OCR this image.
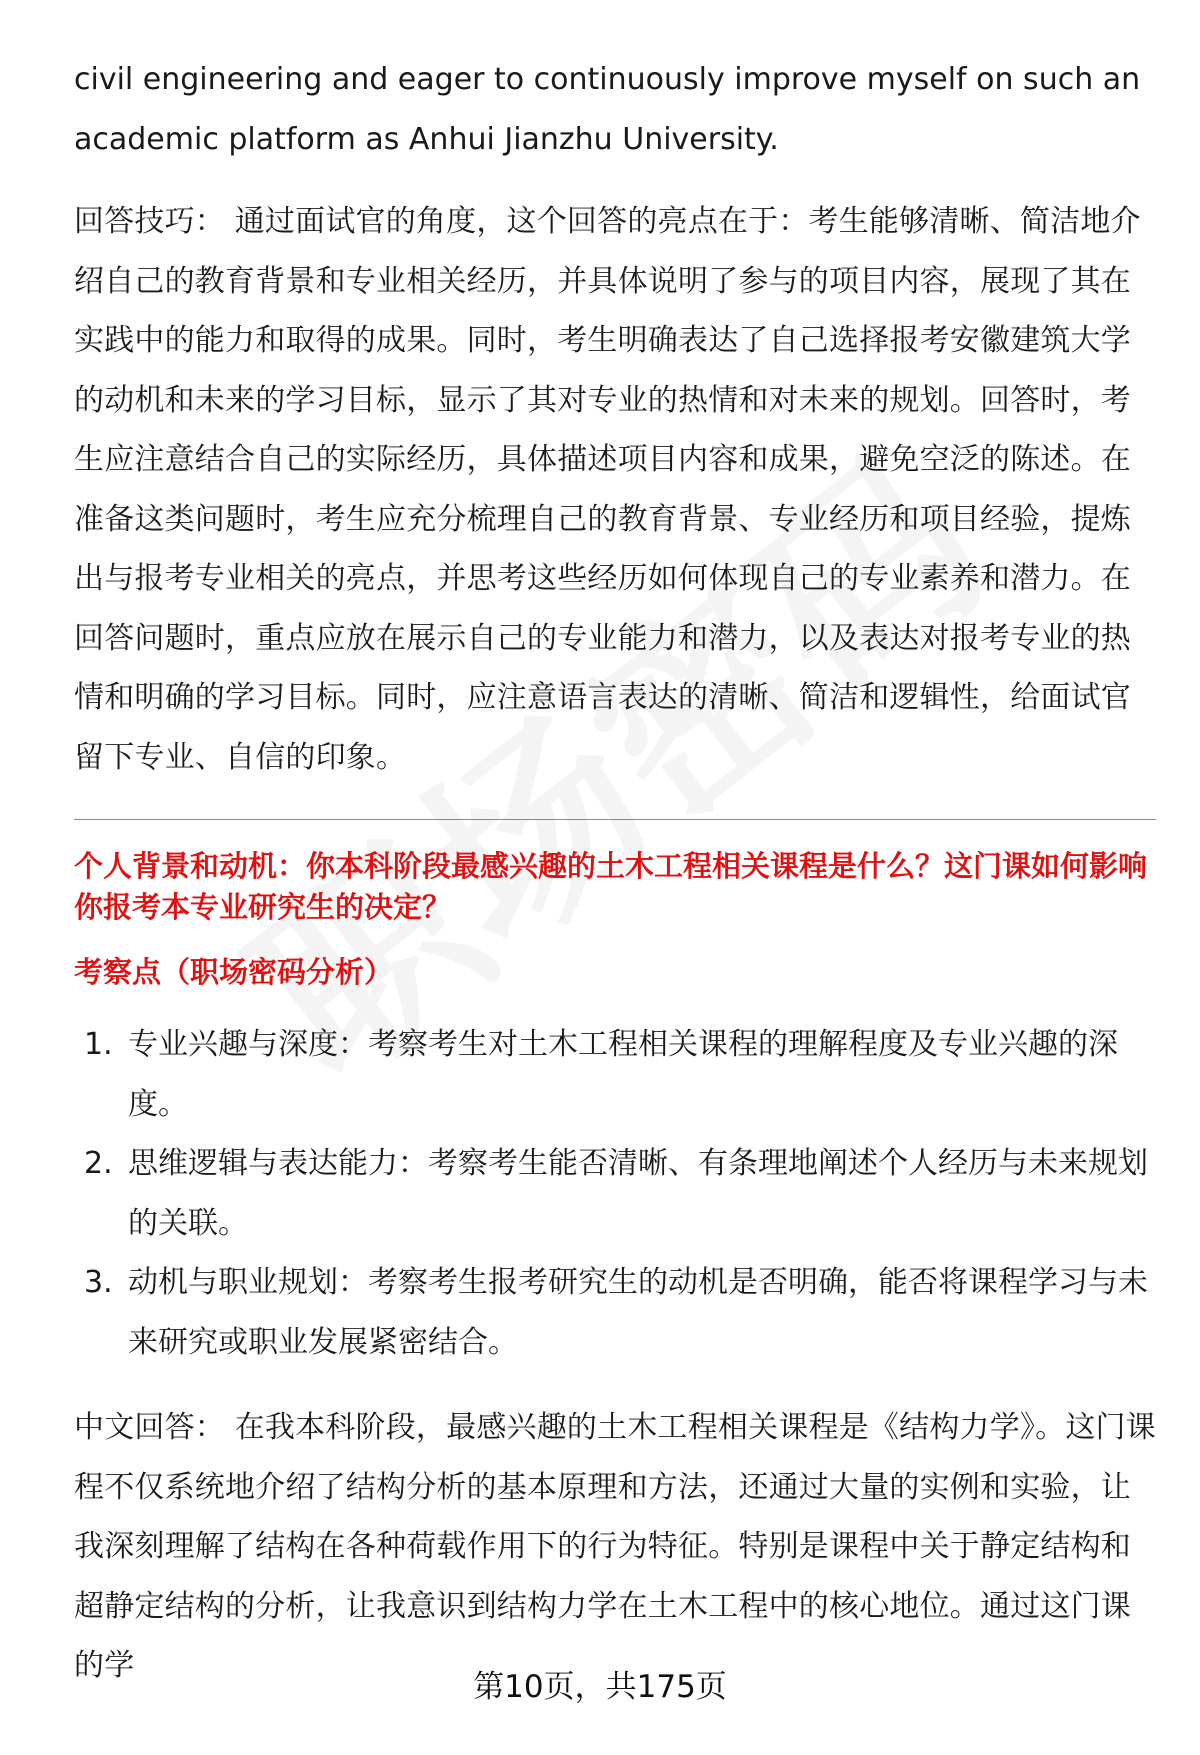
civil engineering and eager to continuously improve myself on such an academic platform as Anhui Jianzhu University.

回答技巧： 通过面试官的角度，这个回答的亮点在于：考生能够清晰、简洁地介绍自己的教育背景和专业相关经历，并具体说明了参与的项目内容，展现了其在实践中的能力和取得的成果。同时，考生明确表达了自己选择报考安徽建筑大学的动机和未来的学习目标，显示了其对专业的热情和对未来的规划。回答时，考生应注意结合自己的实际经历，具体描述项目内容和成果，避免空泛的陈述。在准备这类问题时，考生应充分梳理自己的教育背景、专业经历和项目经验，提炼出与报考专业相关的亮点，并思考这些经历如何体现自己的专业素养和潜力。在回答问题时，重点应放在展示自己的专业能力和潜力，以及表达对报考专业的热情和明确的学习目标。同时，应注意语言表达的清晰、简洁和逻辑性，给面试官留下专业、自信的印象。

个人背景和动机：你本科阶段最感兴趣的土木工程相关课程是什么？这门课如何影响你报考本专业研究生的决定？

考察点（职场密码分析）

1. 专业兴趣与深度：考察考生对土木工程相关课程的理解程度及专业兴趣的深度。
2. 思维逻辑与表达能力：考察考生能否清晰、有条理地阐述个人经历与未来规划的关联。
3. 动机与职业规划：考察考生报考研究生的动机是否明确，能否将课程学习与未来研究或职业发展紧密结合。

中文回答： 在我本科阶段，最感兴趣的土木工程相关课程是《结构力学》。这门课程不仅系统地介绍了结构分析的基本原理和方法，还通过大量的实例和实验，让我深刻理解了结构在各种荷载作用下的行为特征。特别是课程中关于静定结构和超静定结构的分析，让我意识到结构力学在土木工程中的核心地位。通过这门课的学

第10页，共175页
